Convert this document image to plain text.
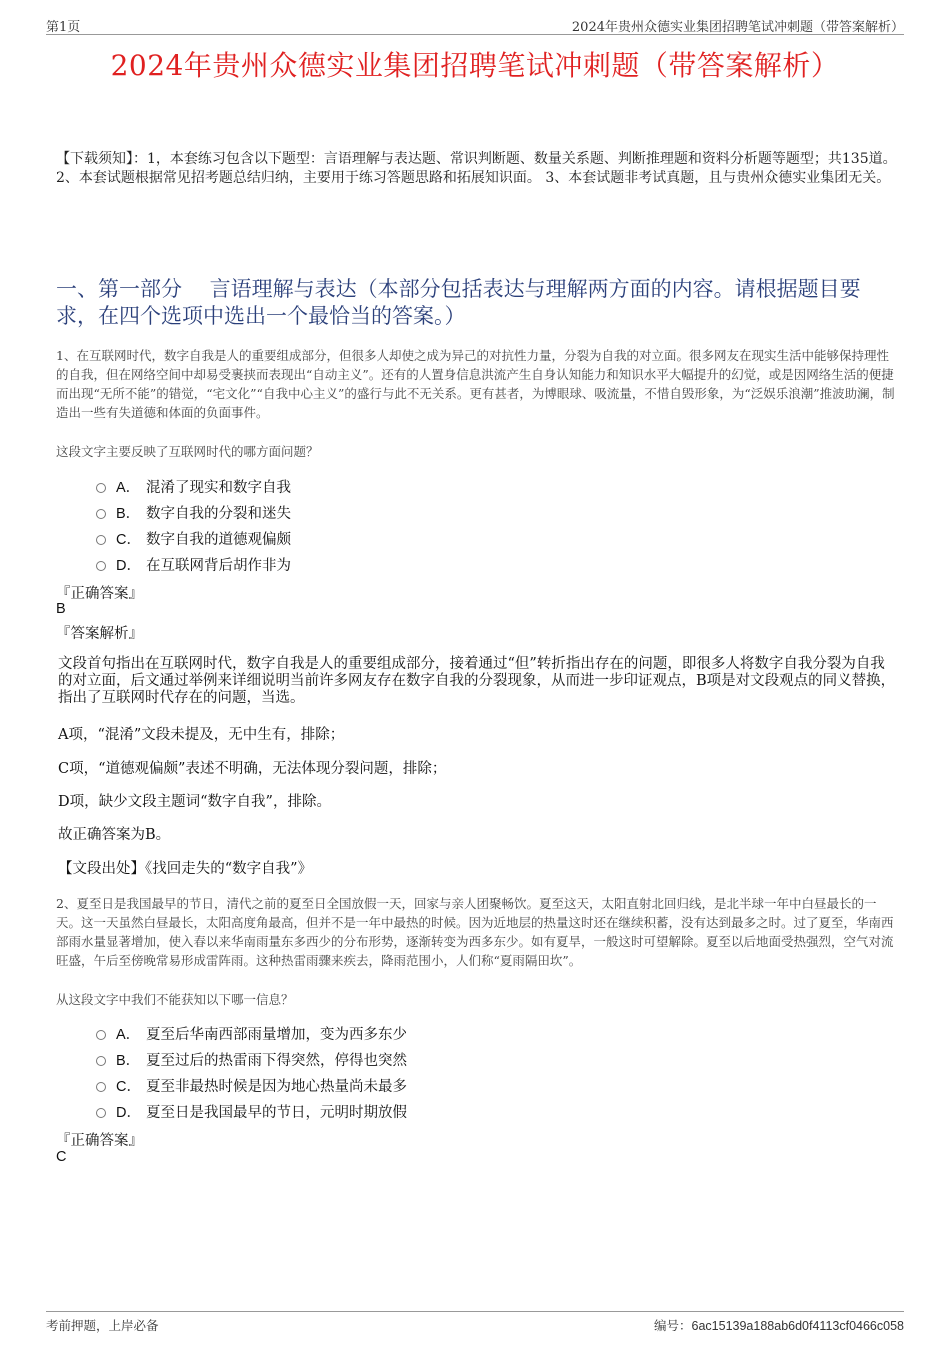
第1页	2024年贵州众德实业集团招聘笔试冲刺题（带答案解析）
2024年贵州众德实业集团招聘笔试冲刺题（带答案解析）
【下载须知】：1，本套练习包含以下题型：言语理解与表达题、常识判断题、数量关系题、判断推理题和资料分析题等题型；共135道。 2、本套试题根据常见招考题总结归纳，主要用于练习答题思路和拓展知识面。 3、本套试题非考试真题，且与贵州众德实业集团无关。
一、第一部分　 言语理解与表达（本部分包括表达与理解两方面的内容。请根据题目要求，在四个选项中选出一个最恰当的答案。）
1、在互联网时代，数字自我是人的重要组成部分，但很多人却使之成为异己的对抗性力量，分裂为自我的对立面。很多网友在现实生活中能够保持理性的自我，但在网络空间中却易受裹挟而表现出“自动主义”。还有的人置身信息洪流产生自身认知能力和知识水平大幅提升的幻觉，或是因网络生活的便捷而出现“无所不能”的错觉，“宅文化”“自我中心主义”的盛行与此不无关系。更有甚者，为博眼球、吸流量，不惜自毁形象，为“泛娱乐浪潮”推波助澜，制造出一些有失道德和体面的负面事件。
这段文字主要反映了互联网时代的哪方面问题？
A． 混淆了现实和数字自我
B． 数字自我的分裂和迷失
C． 数字自我的道德观偏颇
D． 在互联网背后胡作非为
『正确答案』
B
『答案解析』
文段首句指出在互联网时代，数字自我是人的重要组成部分，接着通过“但”转折指出存在的问题，即很多人将数字自我分裂为自我的对立面，后文通过举例来详细说明当前许多网友存在数字自我的分裂现象，从而进一步印证观点，B项是对文段观点的同义替换，指出了互联网时代存在的问题，当选。
A项，“混淆”文段未提及，无中生有，排除；
C项，“道德观偏颇”表述不明确，无法体现分裂问题，排除；
D项，缺少文段主题词“数字自我”，排除。
故正确答案为B。
【文段出处】《找回走失的“数字自我”》
2、夏至日是我国最早的节日，清代之前的夏至日全国放假一天，回家与亲人团聚畅饮。夏至这天，太阳直射北回归线，是北半球一年中白昼最长的一天。这一天虽然白昼最长，太阳高度角最高，但并不是一年中最热的时候。因为近地层的热量这时还在继续积蓄，没有达到最多之时。过了夏至，华南西部雨水量显著增加，使入春以来华南雨量东多西少的分布形势，逐渐转变为西多东少。如有夏旱，一般这时可望解除。夏至以后地面受热强烈，空气对流旺盛，午后至傍晚常易形成雷阵雨。这种热雷雨骤来疾去，降雨范围小，人们称“夏雨隔田坎”。
从这段文字中我们不能获知以下哪一信息？
A． 夏至后华南西部雨量增加，变为西多东少
B． 夏至过后的热雷雨下得突然，停得也突然
C． 夏至非最热时候是因为地心热量尚未最多
D． 夏至日是我国最早的节日，元明时期放假
『正确答案』
C
考前押题，上岸必备	编号：6ac15139a188ab6d0f4113cf0466c058
